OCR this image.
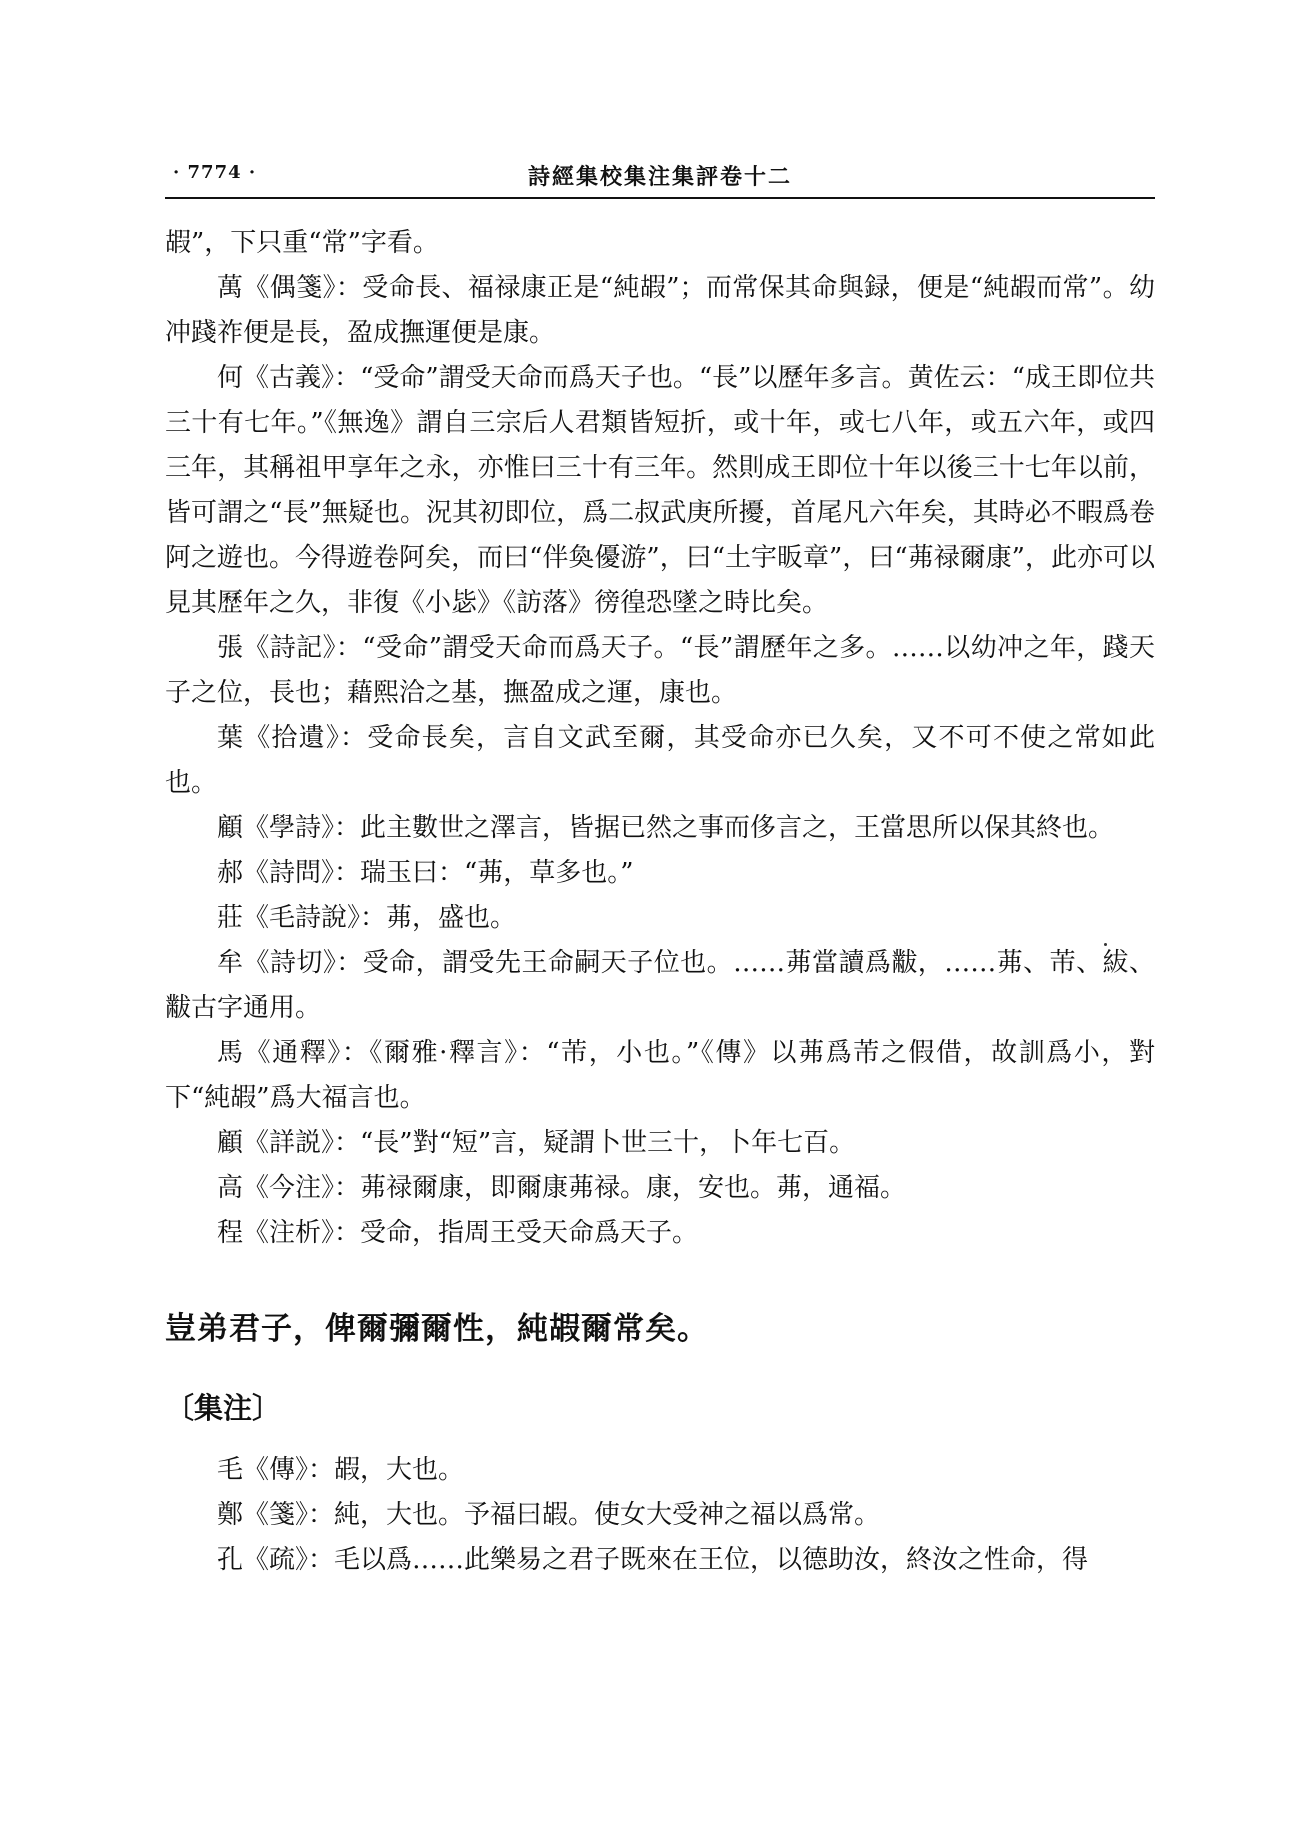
· 7774 ·	詩經集校集注集評卷十二

嘏”，下只重“常”字看。

萬《偶箋》：受命長、福禄康正是“純嘏”；而常保其命與録，便是“純嘏而常”。幼冲踐祚便是長，盈成撫運便是康。

何《古義》：“受命”謂受天命而爲天子也。“長”以歷年多言。黄佐云：“成王即位共三十有七年。”《無逸》謂自三宗后人君類皆短折，或十年，或七八年，或五六年，或四三年，其稱祖甲享年之永，亦惟曰三十有三年。然則成王即位十年以後三十七年以前，皆可謂之“長”無疑也。況其初即位，爲二叔武庚所擾，首尾凡六年矣，其時必不暇爲卷阿之遊也。今得遊卷阿矣，而曰“伴奐優游”，曰“土宇昄章”，曰“茀禄爾康”，此亦可以見其歷年之久，非復《小毖》《訪落》徬徨恐墜之時比矣。

張《詩記》：“受命”謂受天命而爲天子。“長”謂歷年之多。……以幼冲之年，踐天子之位，長也；藉熙洽之基，撫盈成之運，康也。

葉《拾遺》：受命長矣，言自文武至爾，其受命亦已久矣，又不可不使之常如此也。

顧《學詩》：此主數世之澤言，皆据已然之事而侈言之，王當思所以保其終也。

郝《詩問》：瑞玉曰：“茀，草多也。”

莊《毛詩說》：茀，盛也。

牟《詩切》：受命，謂受先王命嗣天子位也。……茀當讀爲黻，……茀、芾、紱、黻古字通用。

馬《通釋》：《爾雅·釋言》：“芾，小也。”《傳》以茀爲芾之假借，故訓爲小，對下“純嘏”爲大福言也。

顧《詳説》：“長”對“短”言，疑謂卜世三十，卜年七百。

高《今注》：茀禄爾康，即爾康茀禄。康，安也。茀，通福。

程《注析》：受命，指周王受天命爲天子。

豈弟君子，俾爾彌爾性，純嘏爾常矣。
〔集注〕

毛《傳》：嘏，大也。

鄭《箋》：純，大也。予福曰嘏。使女大受神之福以爲常。

孔《疏》：毛以爲……此樂易之君子既來在王位，以德助汝，終汝之性命，得
